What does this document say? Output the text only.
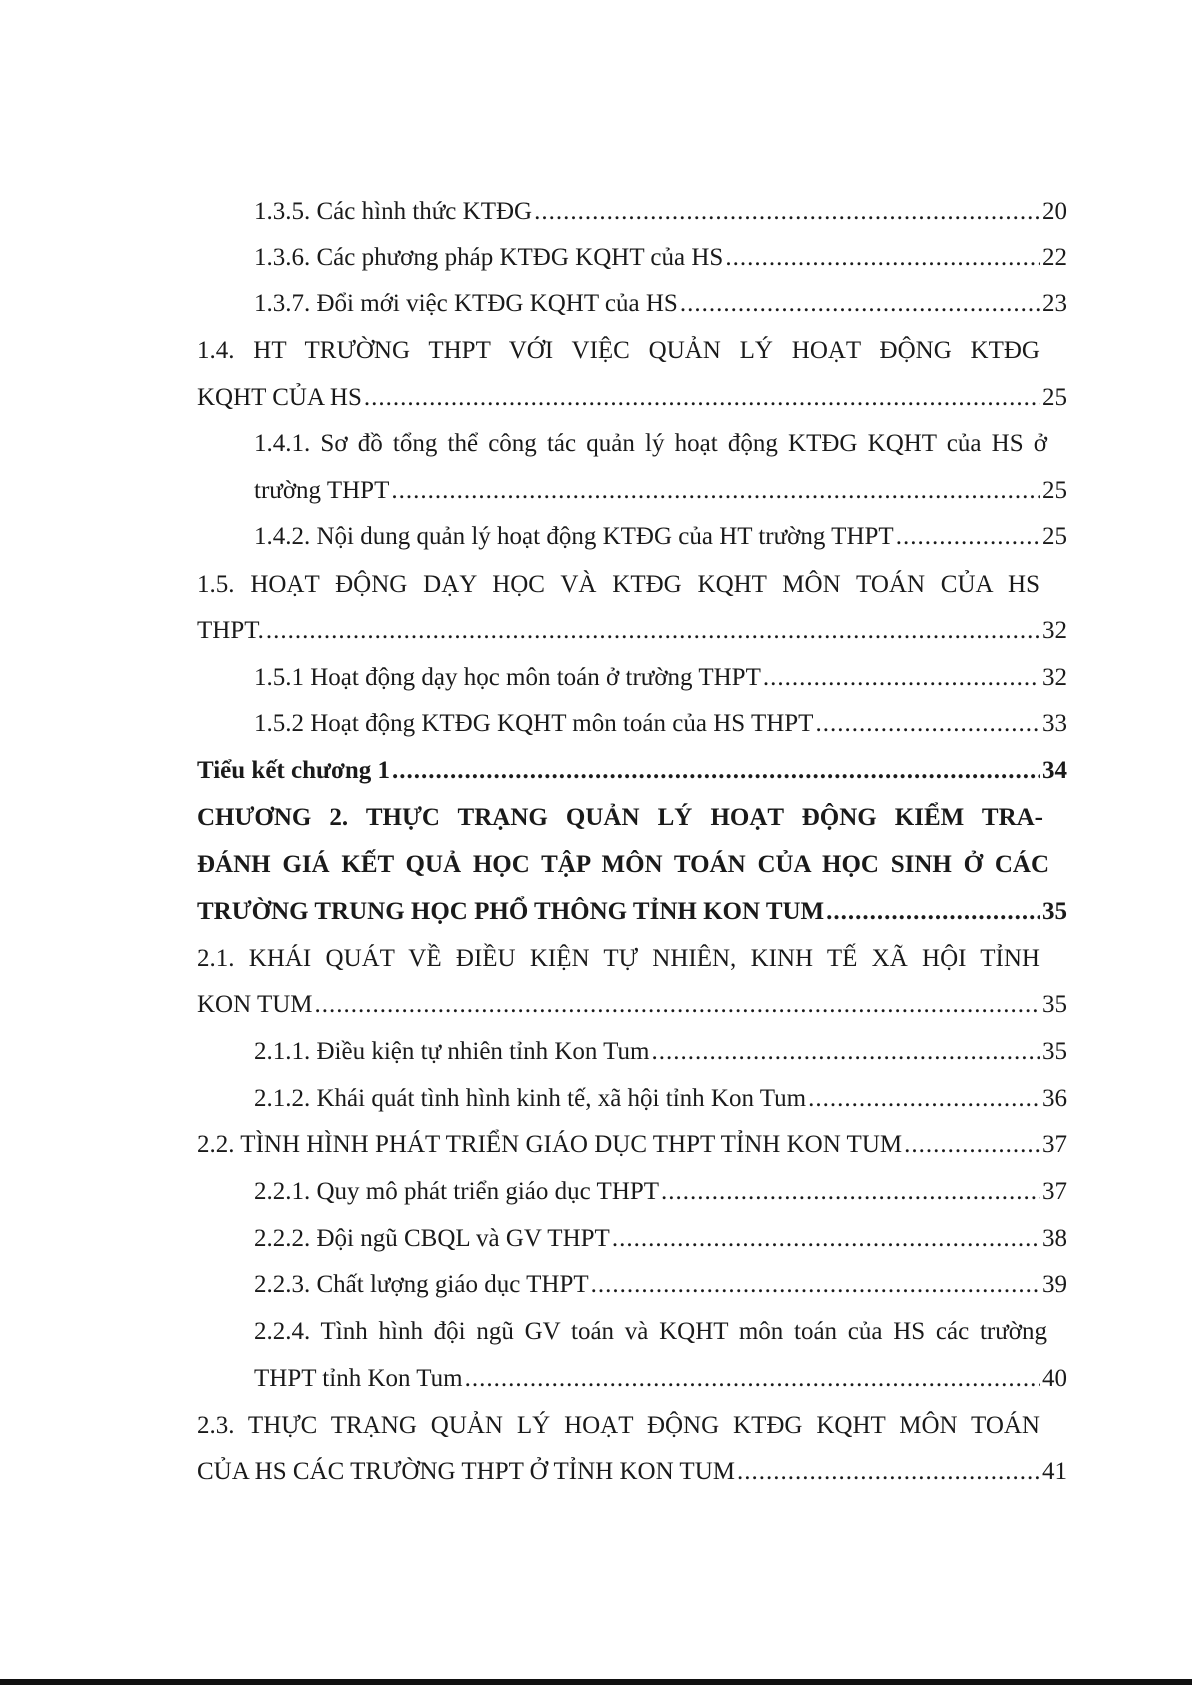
1.3.5. Các hình thức KTĐG .....	20
1.3.6. Các phương pháp KTĐG KQHT của HS .....	22
1.3.7. Đổi mới việc KTĐG KQHT của HS .....	23
1.4. HT TRƯỜNG THPT VỚI VIỆC QUẢN LÝ HOẠT ĐỘNG KTĐG
KQHT CỦA HS .....	25
1.4.1. Sơ đồ tổng thể công tác quản lý hoạt động KTĐG KQHT của HS ở
trường THPT .....	25
1.4.2. Nội dung quản lý hoạt động KTĐG của HT trường THPT .....	25
1.5. HOẠT ĐỘNG DẠY HỌC VÀ KTĐG KQHT MÔN TOÁN CỦA HS
THPT. .....	32
1.5.1 Hoạt động dạy học môn toán ở trường THPT .....	32
1.5.2 Hoạt động KTĐG KQHT môn toán của HS THPT .....	33
Tiểu kết chương 1 .....	34
CHƯƠNG 2. THỰC TRẠNG QUẢN LÝ HOẠT ĐỘNG KIỂM TRA-
ĐÁNH GIÁ KẾT QUẢ HỌC TẬP MÔN TOÁN CỦA HỌC SINH Ở CÁC
TRƯỜNG TRUNG HỌC PHỔ THÔNG TỈNH KON TUM .....	35
2.1. KHÁI QUÁT VỀ ĐIỀU KIỆN TỰ NHIÊN, KINH TẾ XÃ HỘI TỈNH
KON TUM .....	35
2.1.1. Điều kiện tự nhiên tỉnh Kon Tum .....	35
2.1.2. Khái quát tình hình kinh tế, xã hội tỉnh Kon Tum .....	36
2.2. TÌNH HÌNH PHÁT TRIỂN GIÁO DỤC THPT TỈNH KON TUM .....	37
2.2.1. Quy mô phát triển giáo dục THPT .....	37
2.2.2. Đội ngũ CBQL và GV THPT .....	38
2.2.3. Chất lượng giáo dục THPT .....	39
2.2.4. Tình hình đội ngũ GV toán và KQHT môn toán của HS các trường
THPT tỉnh Kon Tum .....	40
2.3. THỰC TRẠNG QUẢN LÝ HOẠT ĐỘNG KTĐG KQHT MÔN TOÁN
CỦA HS CÁC TRƯỜNG THPT Ở TỈNH KON TUM .....	41
